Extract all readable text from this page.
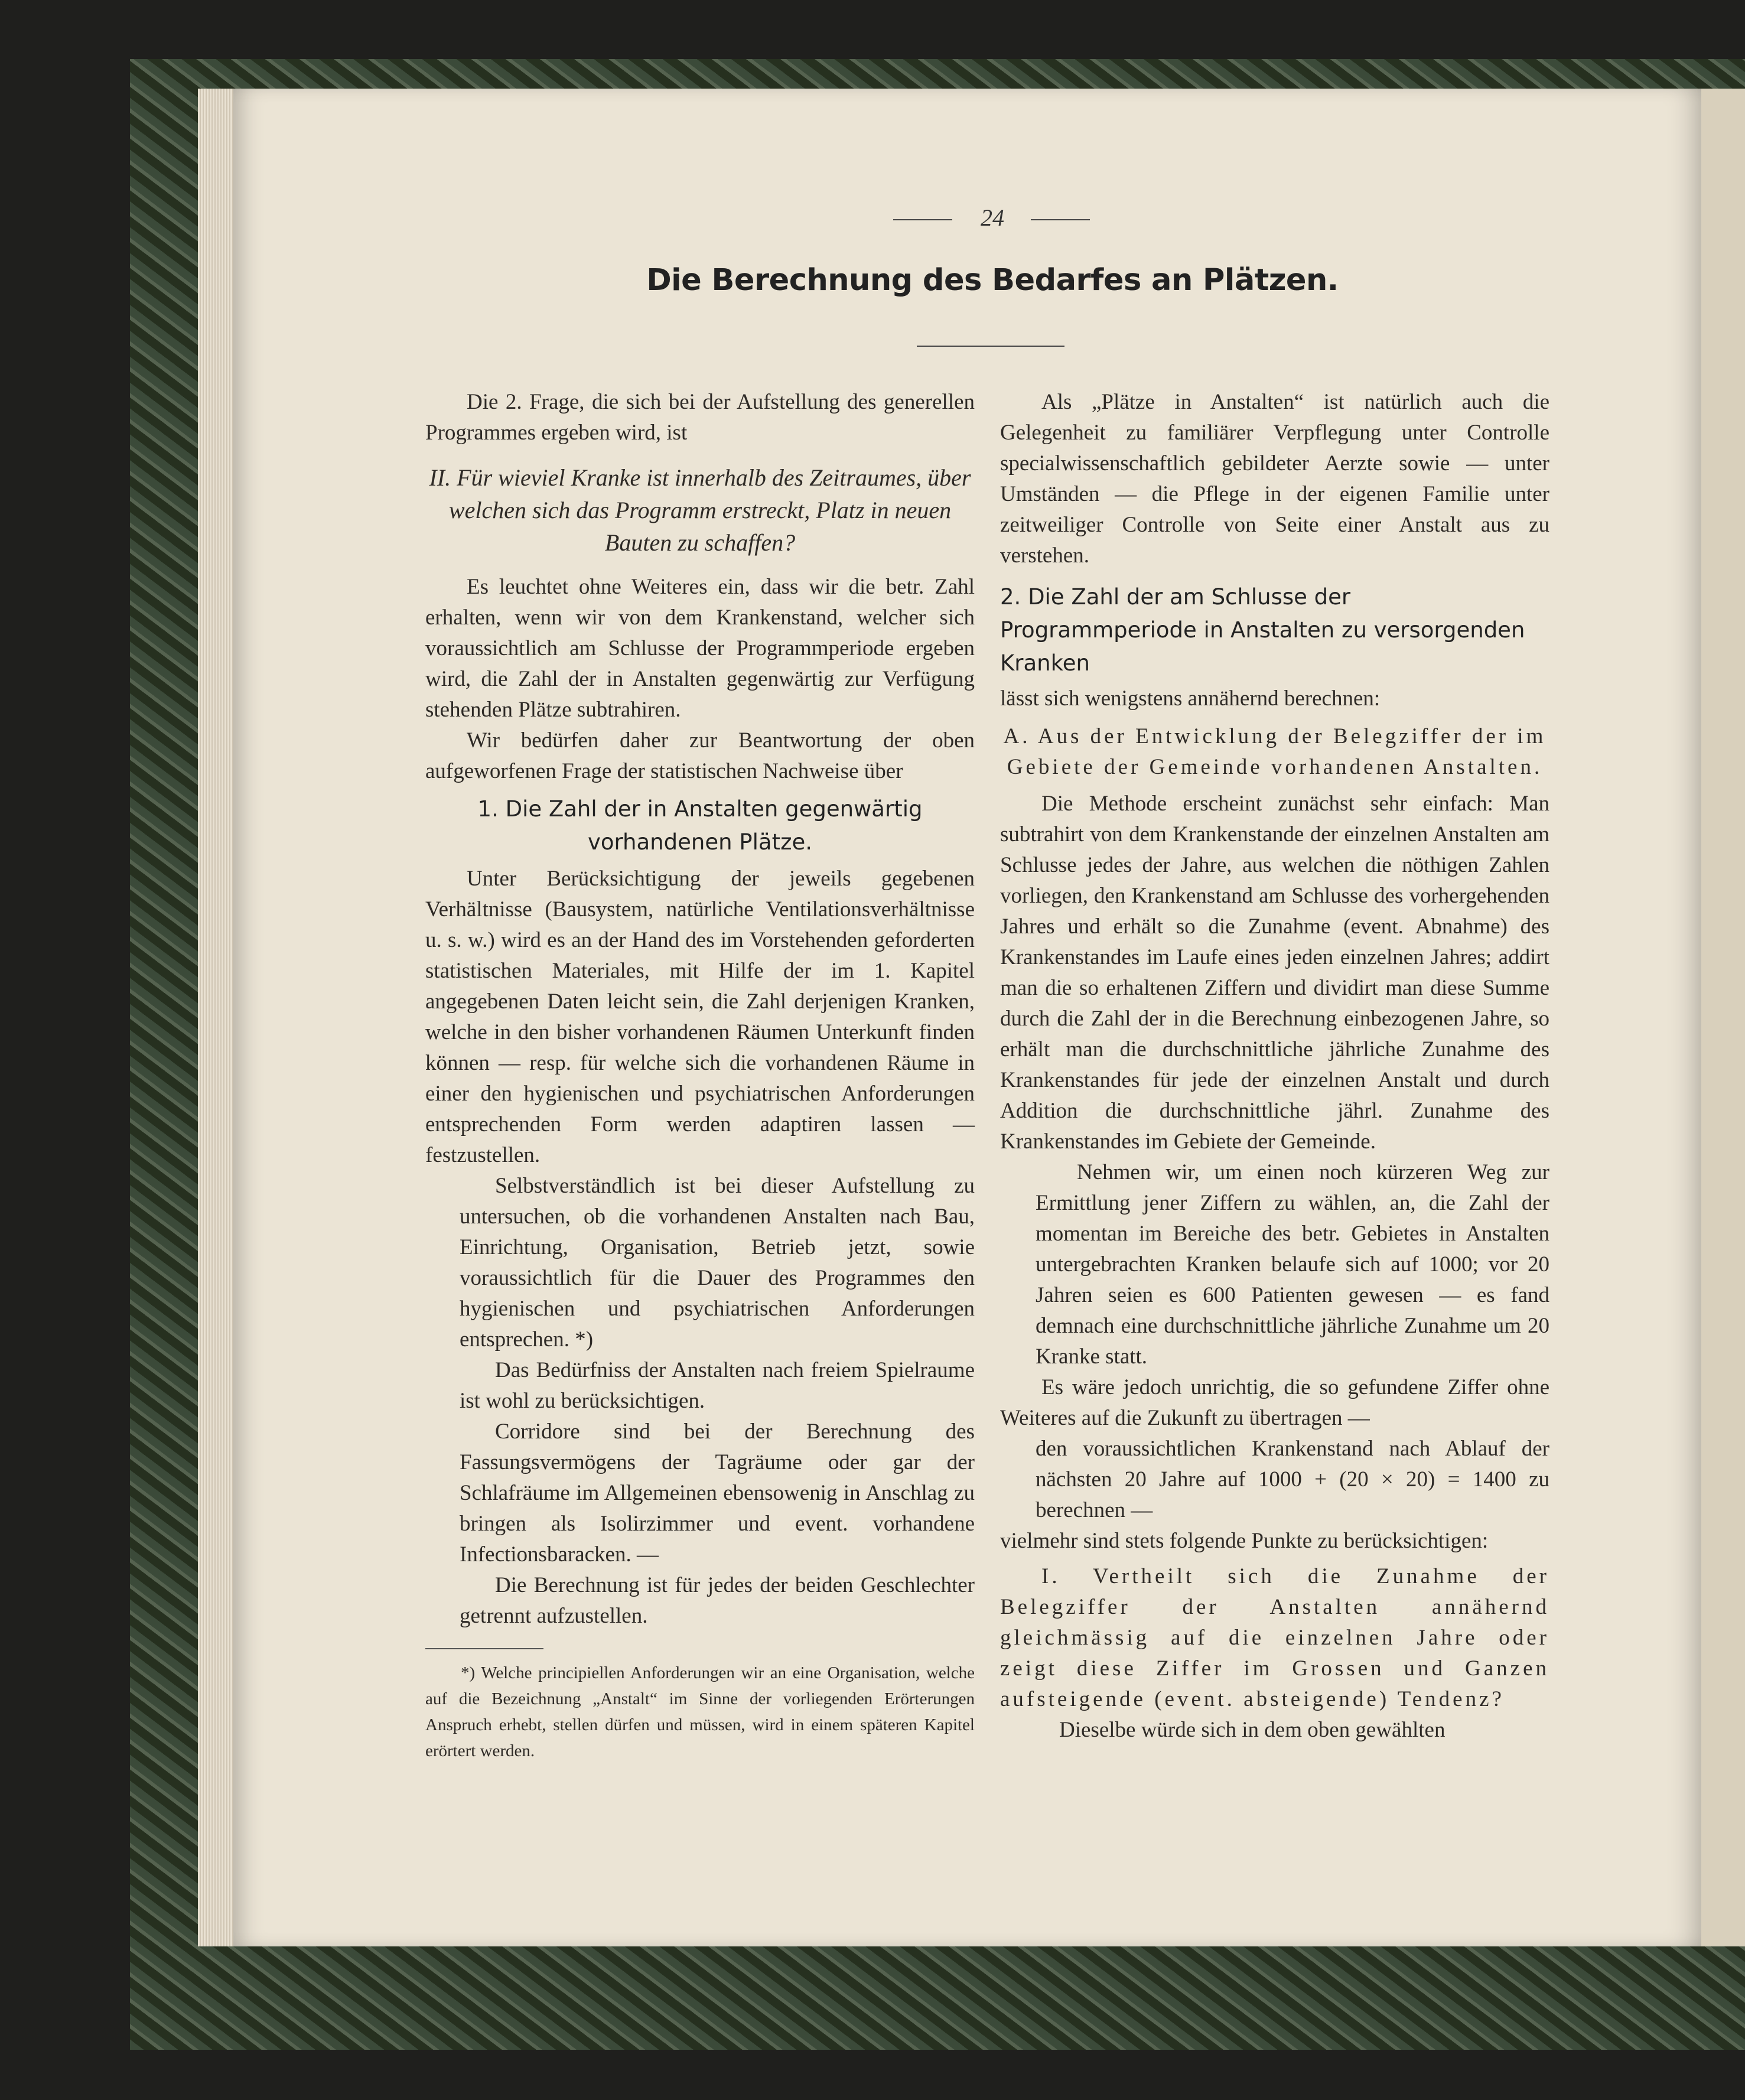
24
Die Berechnung des Bedarfes an Plätzen.

Die 2. Frage, die sich bei der Aufstellung des generellen Programmes ergeben wird, ist

II. Für wieviel Kranke ist innerhalb des Zeitraumes, über welchen sich das Programm erstreckt, Platz in neuen Bauten zu schaffen?

Es leuchtet ohne Weiteres ein, dass wir die betr. Zahl erhalten, wenn wir von dem Krankenstand, welcher sich voraussichtlich am Schlusse der Programmperiode ergeben wird, die Zahl der in Anstalten gegenwärtig zur Verfügung stehenden Plätze subtrahiren.

Wir bedürfen daher zur Beantwortung der oben aufgeworfenen Frage der statistischen Nachweise über

1. Die Zahl der in Anstalten gegenwärtig vorhandenen Plätze.

Unter Berücksichtigung der jeweils gegebenen Verhältnisse (Bausystem, natürliche Ventilationsverhältnisse u. s. w.) wird es an der Hand des im Vorstehenden geforderten statistischen Materiales, mit Hilfe der im 1. Kapitel angegebenen Daten leicht sein, die Zahl derjenigen Kranken, welche in den bisher vorhandenen Räumen Unterkunft finden können — resp. für welche sich die vorhandenen Räume in einer den hygienischen und psychiatrischen Anforderungen entsprechenden Form werden adaptiren lassen — festzustellen.

Selbstverständlich ist bei dieser Aufstellung zu untersuchen, ob die vorhandenen Anstalten nach Bau, Einrichtung, Organisation, Betrieb jetzt, sowie voraussichtlich für die Dauer des Programmes den hygienischen und psychiatrischen Anforderungen entsprechen. *)

Das Bedürfniss der Anstalten nach freiem Spielraume ist wohl zu berücksichtigen.

Corridore sind bei der Berechnung des Fassungsvermögens der Tagräume oder gar der Schlafräume im Allgemeinen ebensowenig in Anschlag zu bringen als Isolirzimmer und event. vorhandene Infectionsbaracken. —

Die Berechnung ist für jedes der beiden Geschlechter getrennt aufzustellen.

*) Welche principiellen Anforderungen wir an eine Organisation, welche auf die Bezeichnung „Anstalt“ im Sinne der vorliegenden Erörterungen Anspruch erhebt, stellen dürfen und müssen, wird in einem späteren Kapitel erörtert werden.

Als „Plätze in Anstalten“ ist natürlich auch die Gelegenheit zu familiärer Verpflegung unter Controlle specialwissenschaftlich gebildeter Aerzte sowie — unter Umständen — die Pflege in der eigenen Familie unter zeitweiliger Controlle von Seite einer Anstalt aus zu verstehen.

2. Die Zahl der am Schlusse der Programmperiode in Anstalten zu versorgenden Kranken

lässt sich wenigstens annähernd berechnen:

A. Aus der Entwicklung der Belegziffer der im Gebiete der Gemeinde vorhandenen Anstalten.

Die Methode erscheint zunächst sehr einfach: Man subtrahirt von dem Krankenstande der einzelnen Anstalten am Schlusse jedes der Jahre, aus welchen die nöthigen Zahlen vorliegen, den Krankenstand am Schlusse des vorhergehenden Jahres und erhält so die Zunahme (event. Abnahme) des Krankenstandes im Laufe eines jeden einzelnen Jahres; addirt man die so erhaltenen Ziffern und dividirt man diese Summe durch die Zahl der in die Berechnung einbezogenen Jahre, so erhält man die durchschnittliche jährliche Zunahme des Krankenstandes für jede der einzelnen Anstalt und durch Addition die durchschnittliche jährl. Zunahme des Krankenstandes im Gebiete der Gemeinde.

Nehmen wir, um einen noch kürzeren Weg zur Ermittlung jener Ziffern zu wählen, an, die Zahl der momentan im Bereiche des betr. Gebietes in Anstalten untergebrachten Kranken belaufe sich auf 1000; vor 20 Jahren seien es 600 Patienten gewesen — es fand demnach eine durchschnittliche jährliche Zunahme um 20 Kranke statt.

Es wäre jedoch unrichtig, die so gefundene Ziffer ohne Weiteres auf die Zukunft zu übertragen —

den voraussichtlichen Krankenstand nach Ablauf der nächsten 20 Jahre auf 1000 + (20 × 20) = 1400 zu berechnen —

vielmehr sind stets folgende Punkte zu berücksichtigen:

I. Vertheilt sich die Zunahme der Belegziffer der Anstalten annähernd gleichmässig auf die einzelnen Jahre oder zeigt diese Ziffer im Grossen und Ganzen aufsteigende (event. absteigende) Tendenz?

Dieselbe würde sich in dem oben gewählten
